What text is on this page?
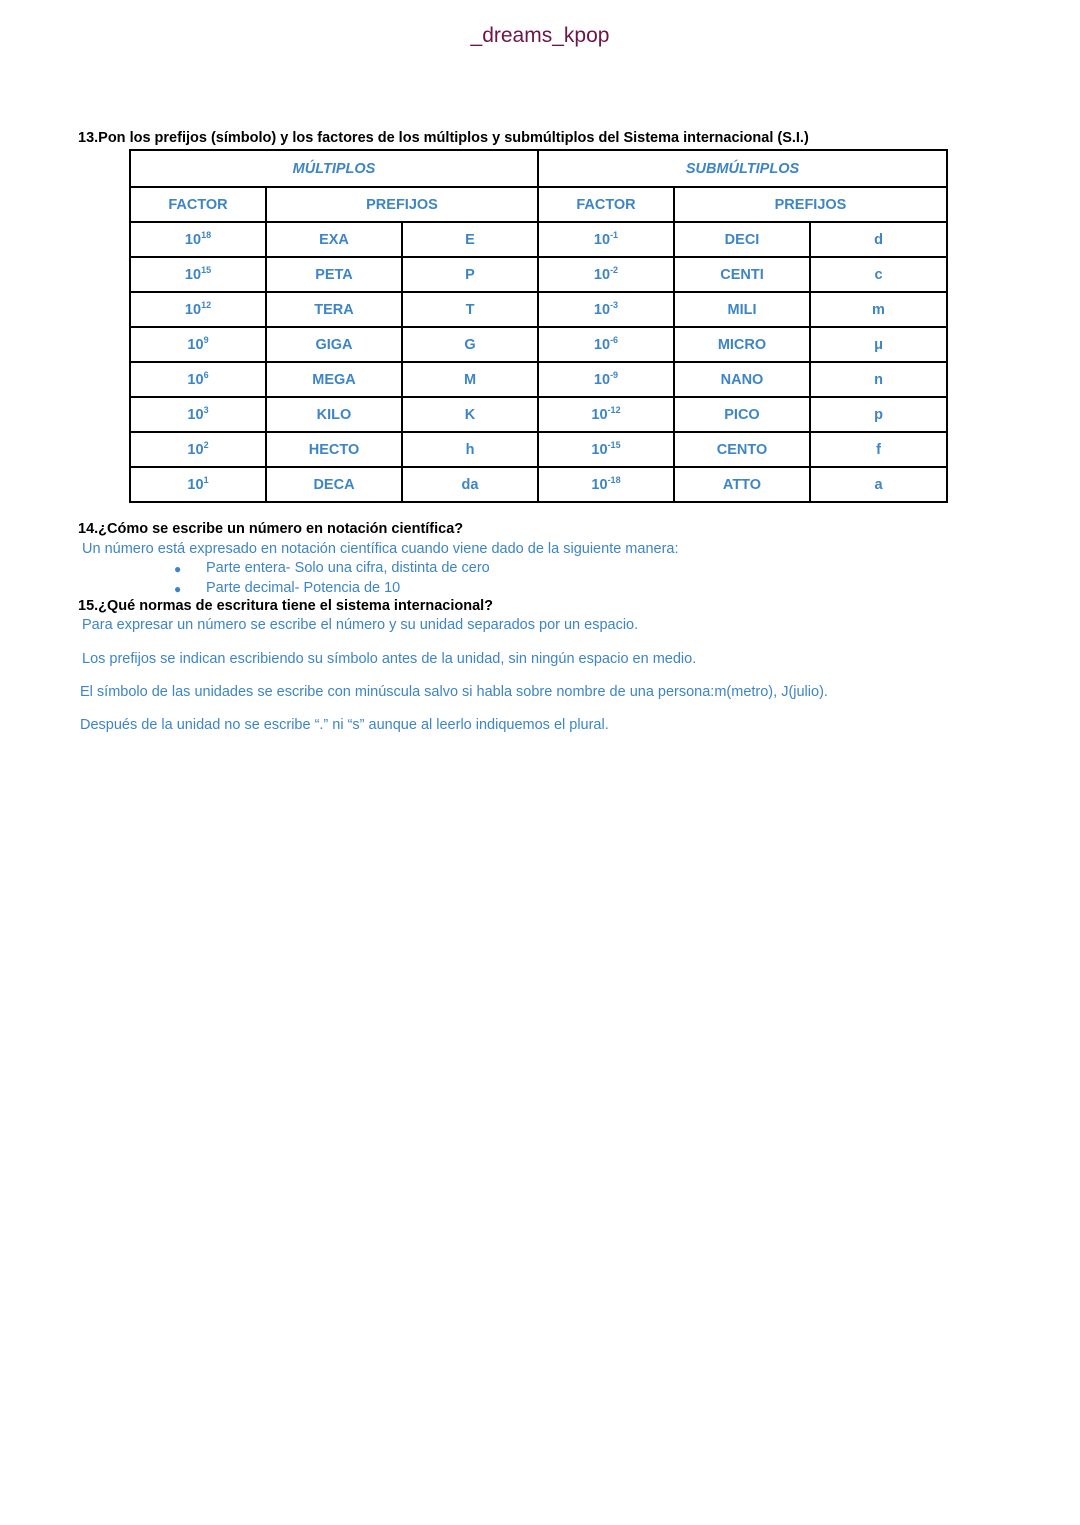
_dreams_kpop
13.Pon los prefijos (símbolo) y los factores de los múltiplos y submúltiplos del Sistema internacional (S.I.)
MÚLTIPLOS			SUBMÚLTIPLOS		
FACTOR	PREFIJOS		FACTOR	PREFIJOS	
$10^{18}$	EXA	E	$10^{-1}$	DECI	d
$10^{15}$	PETA	P	$10^{-2}$	CENTI	c
$10^{12}$	TERA	T	$10^{-3}$	MILI	m
$10^9$	GIGA	G	$10^{-6}$	MICRO	μ
$10^6$	MEGA	M	$10^{-9}$	NANO	n
$10^3$	KILO	K	$10^{-12}$	PICO	p
$10^2$	HECTO	h	$10^{-15}$	CENTO	f
$10^1$	DECA	da	$10^{-18}$	ATTO	a
14.¿Cómo se escribe un número en notación científica?
Un número está expresado en notación científica cuando viene dado de la siguiente manera:
● Parte entera- Solo una cifra, distinta de cero
● Parte decimal- Potencia de 10
15.¿Qué normas de escritura tiene el sistema internacional?
Para expresar un número se escribe el número y su unidad separados por un espacio.
Los prefijos se indican escribiendo su símbolo antes de la unidad, sin ningún espacio en medio.
El símbolo de las unidades se escribe con minúscula salvo si habla sobre nombre de una persona:m(metro), J(julio).
Después de la unidad no se escribe “.” ni “s” aunque al leerlo indiquemos el plural.
